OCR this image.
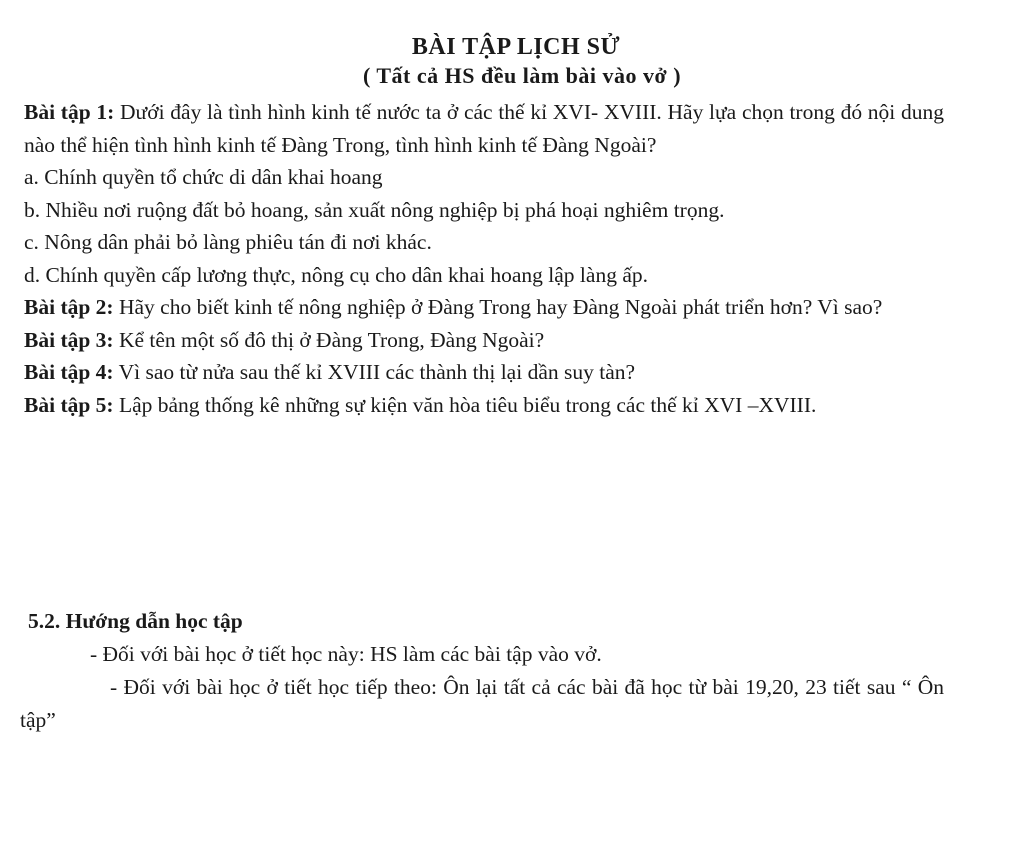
BÀI TẬP LỊCH SỬ
( Tất cả HS đều làm bài vào vở )

Bài tập 1: Dưới đây là tình hình kinh tế nước ta ở các thế kỉ XVI- XVIII. Hãy lựa chọn trong đó nội dung nào thể hiện tình hình kinh tế Đàng Trong, tình hình kinh tế Đàng Ngoài?

a. Chính quyền tổ chức di dân khai hoang

b. Nhiều nơi ruộng đất bỏ hoang, sản xuất nông nghiệp bị phá hoại nghiêm trọng.

c. Nông dân phải bỏ làng phiêu tán đi nơi khác.

d. Chính quyền cấp lương thực, nông cụ cho dân khai hoang lập làng ấp.

Bài tập 2: Hãy cho biết kinh tế nông nghiệp ở Đàng Trong hay Đàng Ngoài phát triển hơn? Vì sao?

Bài tập 3: Kể tên một số đô thị ở Đàng Trong, Đàng Ngoài?

Bài tập 4: Vì sao từ nửa sau thế kỉ XVIII các thành thị lại dần suy tàn?

Bài tập 5: Lập bảng thống kê những sự kiện văn hòa tiêu biểu trong các thế kỉ XVI –XVIII.

5.2. Hướng dẫn học tập

- Đối với bài học ở tiết học này: HS làm các bài tập vào vở.

- Đối với bài học ở tiết học tiếp theo: Ôn lại tất cả các bài đã học từ bài 19,20, 23 tiết sau “ Ôn tập”
